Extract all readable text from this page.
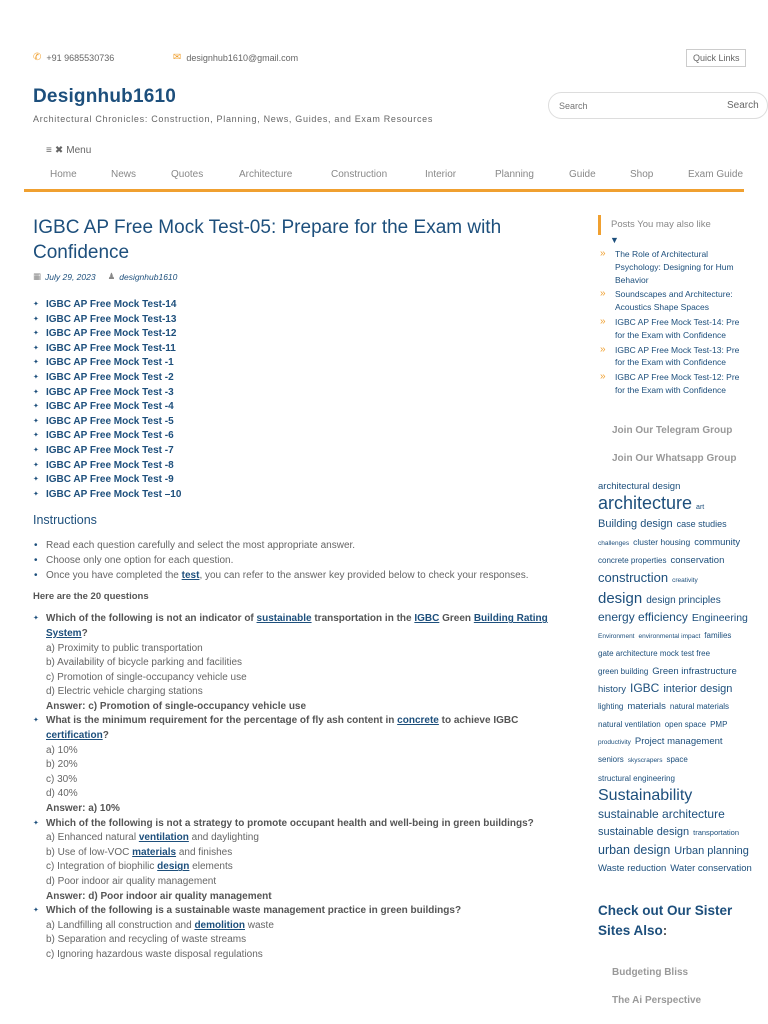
✆ +91 9685530736	✉ designhub1610@gmail.com	Quick Links
Designhub1610

Architectural Chronicles: Construction, Planning, News, Guides, and Exam Resources

Search
Search
≡ ✖ Menu
Home	News	Quotes	Architecture	Construction	Interior	Planning	Guide	Shop	Exam Guide
IGBC AP Free Mock Test-05: Prepare for the Exam with Confidence
▦ July 29, 2023 ♟ designhub1610
✦ IGBC AP Free Mock Test-14
✦ IGBC AP Free Mock Test-13
✦ IGBC AP Free Mock Test-12
✦ IGBC AP Free Mock Test-11
✦ IGBC AP Free Mock Test -1
✦ IGBC AP Free Mock Test -2
✦ IGBC AP Free Mock Test -3
✦ IGBC AP Free Mock Test -4
✦ IGBC AP Free Mock Test -5
✦ IGBC AP Free Mock Test -6
✦ IGBC AP Free Mock Test -7
✦ IGBC AP Free Mock Test -8
✦ IGBC AP Free Mock Test -9
✦ IGBC AP Free Mock Test –10
Instructions
• Read each question carefully and select the most appropriate answer.
• Choose only one option for each question.
• Once you have completed the test, you can refer to the answer key provided below to check your responses.
Here are the 20 questions
✦ Which of the following is not an indicator of sustainable transportation in the IGBC Green Building Rating System?
a) Proximity to public transportation
b) Availability of bicycle parking and facilities
c) Promotion of single-occupancy vehicle use
d) Electric vehicle charging stations
Answer: c) Promotion of single-occupancy vehicle use
✦ What is the minimum requirement for the percentage of fly ash content in concrete to achieve IGBC certification?
a) 10%
b) 20%
c) 30%
d) 40%
Answer: a) 10%
✦ Which of the following is not a strategy to promote occupant health and well-being in green buildings?
a) Enhanced natural ventilation and daylighting
b) Use of low-VOC materials and finishes
c) Integration of biophilic design elements
d) Poor indoor air quality management
Answer: d) Poor indoor air quality management
✦ Which of the following is a sustainable waste management practice in green buildings?
a) Landfilling all construction and demolition waste
b) Separation and recycling of waste streams
c) Ignoring hazardous waste disposal regulations
Posts You may also like
▼
» The Role of Architectural
Psychology: Designing for Hum
Behavior
» Soundscapes and Architecture:
Acoustics Shape Spaces
» IGBC AP Free Mock Test-14: Pre
for the Exam with Confidence
» IGBC AP Free Mock Test-13: Pre
for the Exam with Confidence
» IGBC AP Free Mock Test-12: Pre
for the Exam with Confidence
Join Our Telegram Group
Join Our Whatsapp Group
architectural design
architecture art
Building design case studies
challenges cluster housing community
concrete properties conservation
construction creativity
design design principles
energy efficiency Engineering
Environment environmental impact families
gate architecture mock test free
green building Green infrastructure
history IGBC interior design
lighting materials natural materials
natural ventilation open space PMP
productivity Project management
seniors skyscrapers space
structural engineering
Sustainability
sustainable architecture
sustainable design transportation
urban design Urban planning
Waste reduction Water conservation
Check out Our Sister
Sites Also:
Budgeting Bliss
The Ai Perspective
